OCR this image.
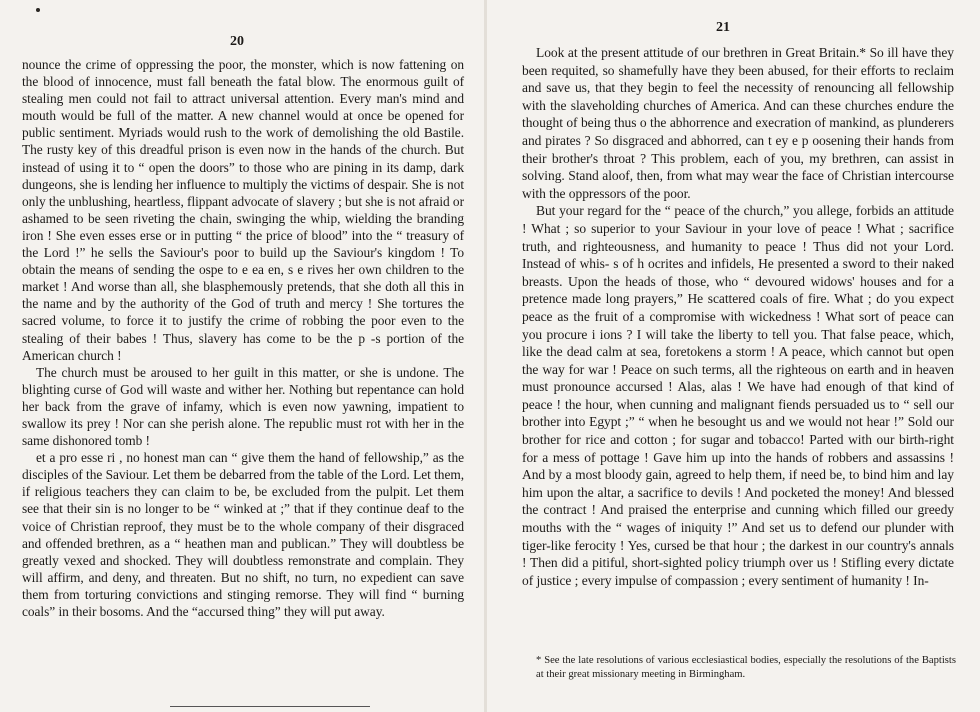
20

nounce the crime of oppressing the poor, the monster, which is now fattening on the blood of innocence, must fall beneath the fatal blow. The enormous guilt of stealing men could not fail to attract universal attention. Every man's mind and mouth would be full of the matter. A new channel would at once be opened for public sentiment. Myriads would rush to the work of demolishing the old Bastile. The rusty key of this dreadful prison is even now in the hands of the church. But instead of using it to “ open the doors” to those who are pining in its damp, dark dungeons, she is lending her influence to multiply the victims of despair. She is not only the unblushing, heartless, flippant advocate of slavery ; but she is not afraid or ashamed to be seen riveting the chain, swinging the whip, wielding the branding iron ! She even esses erse or in putting “ the price of blood” into the “ treasury of the Lord !” he sells the Saviour's poor to build up the Saviour's kingdom ! To obtain the means of sending the ospe to e ea en, s e rives her own children to the market ! And worse than all, she blasphemously pretends, that she doth all this in the name and by the authority of the God of truth and mercy ! She tortures the sacred volume, to force it to justify the crime of robbing the poor even to the stealing of their babes ! Thus, slavery has come to be the p -s portion of the American church !

The church must be aroused to her guilt in this matter, or she is undone. The blighting curse of God will waste and wither her. Nothing but repentance can hold her back from the grave of infamy, which is even now yawning, impatient to swallow its prey ! Nor can she perish alone. The republic must rot with her in the same dishonored tomb !

et a pro esse ri , no honest man can “ give them the hand of fellowship,” as the disciples of the Saviour. Let them be debarred from the table of the Lord. Let them, if religious teachers they can claim to be, be excluded from the pulpit. Let them see that their sin is no longer to be “ winked at ;” that if they continue deaf to the voice of Christian reproof, they must be to the whole company of their disgraced and offended brethren, as a “ heathen man and publican.” They will doubtless be greatly vexed and shocked. They will doubtless remonstrate and complain. They will affirm, and deny, and threaten. But no shift, no turn, no expedient can save them from torturing convictions and stinging remorse. They will find “ burning coals” in their bosoms. And the “accursed thing” they will put away.

21

Look at the present attitude of our brethren in Great Britain.* So ill have they been requited, so shamefully have they been abused, for their efforts to reclaim and save us, that they begin to feel the necessity of renouncing all fellowship with the slaveholding churches of America. And can these churches endure the thought of being thus o the abhorrence and execration of mankind, as plunderers and pirates ? So disgraced and abhorred, can t ey e p oosening their hands from their brother's throat ? This problem, each of you, my brethren, can assist in solving. Stand aloof, then, from what may wear the face of Christian intercourse with the oppressors of the poor.

But your regard for the “ peace of the church,” you allege, forbids an attitude ! What ; so superior to your Saviour in your love of peace ! What ; sacrifice truth, and righteousness, and humanity to peace ! Thus did not your Lord. Instead of whis- s of h ocrites and infidels, He presented a sword to their naked breasts. Upon the heads of those, who “ devoured widows' houses and for a pretence made long prayers,” He scattered coals of fire. What ; do you expect peace as the fruit of a compromise with wickedness ! What sort of peace can you procure i ions ? I will take the liberty to tell you. That false peace, which, like the dead calm at sea, foretokens a storm ! A peace, which cannot but open the way for war ! Peace on such terms, all the righteous on earth and in heaven must pronounce accursed ! Alas, alas ! We have had enough of that kind of peace ! the hour, when cunning and malignant fiends persuaded us to “ sell our brother into Egypt ;” “ when he besought us and we would not hear !” Sold our brother for rice and cotton ; for sugar and tobacco! Parted with our birth-right for a mess of pottage ! Gave him up into the hands of robbers and assassins ! And by a most bloody gain, agreed to help them, if need be, to bind him and lay him upon the altar, a sacrifice to devils ! And pocketed the money! And blessed the contract ! And praised the enterprise and cunning which filled our greedy mouths with the “ wages of iniquity !” And set us to defend our plunder with tiger-like ferocity ! Yes, cursed be that hour ; the darkest in our country's annals ! Then did a pitiful, short-sighted policy triumph over us ! Stifling every dictate of justice ; every impulse of compassion ; every sentiment of humanity ! In-

* See the late resolutions of various ecclesiastical bodies, especially the resolutions of the Baptists at their great missionary meeting in Birmingham.
